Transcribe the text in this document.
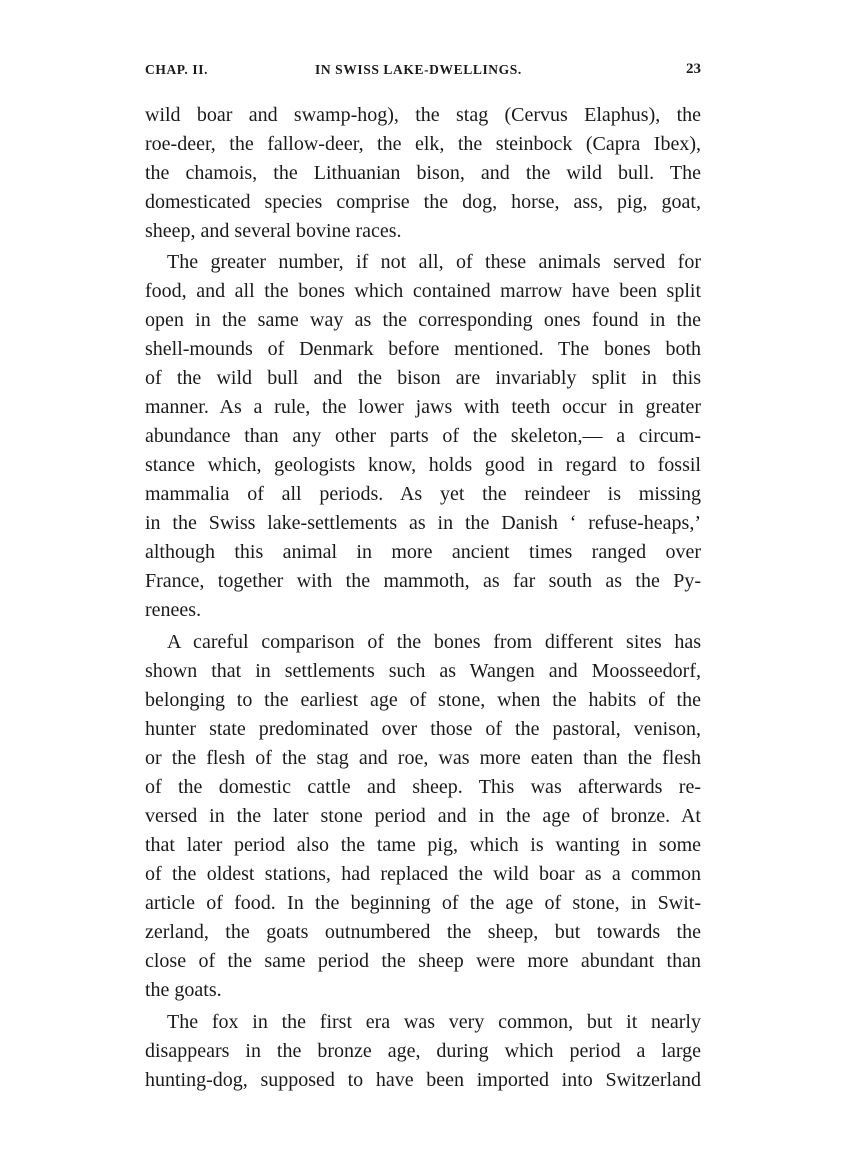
CHAP. II.	IN SWISS LAKE-DWELLINGS.	23
wild boar and swamp-hog), the stag (Cervus Elaphus), the
roe-deer, the fallow-deer, the elk, the steinbock (Capra Ibex),
the chamois, the Lithuanian bison, and the wild bull. The
domesticated species comprise the dog, horse, ass, pig, goat,
sheep, and several bovine races.
The greater number, if not all, of these animals served for
food, and all the bones which contained marrow have been split
open in the same way as the corresponding ones found in the
shell-mounds of Denmark before mentioned. The bones both
of the wild bull and the bison are invariably split in this
manner. As a rule, the lower jaws with teeth occur in greater
abundance than any other parts of the skeleton,— a circum-
stance which, geologists know, holds good in regard to fossil
mammalia of all periods. As yet the reindeer is missing
in the Swiss lake-settlements as in the Danish ‘ refuse-heaps,’
although this animal in more ancient times ranged over
France, together with the mammoth, as far south as the Py-
renees.
A careful comparison of the bones from different sites has
shown that in settlements such as Wangen and Moosseedorf,
belonging to the earliest age of stone, when the habits of the
hunter state predominated over those of the pastoral, venison,
or the flesh of the stag and roe, was more eaten than the flesh
of the domestic cattle and sheep. This was afterwards re-
versed in the later stone period and in the age of bronze. At
that later period also the tame pig, which is wanting in some
of the oldest stations, had replaced the wild boar as a common
article of food. In the beginning of the age of stone, in Swit-
zerland, the goats outnumbered the sheep, but towards the
close of the same period the sheep were more abundant than
the goats.
The fox in the first era was very common, but it nearly
disappears in the bronze age, during which period a large
hunting-dog, supposed to have been imported into Switzerland
